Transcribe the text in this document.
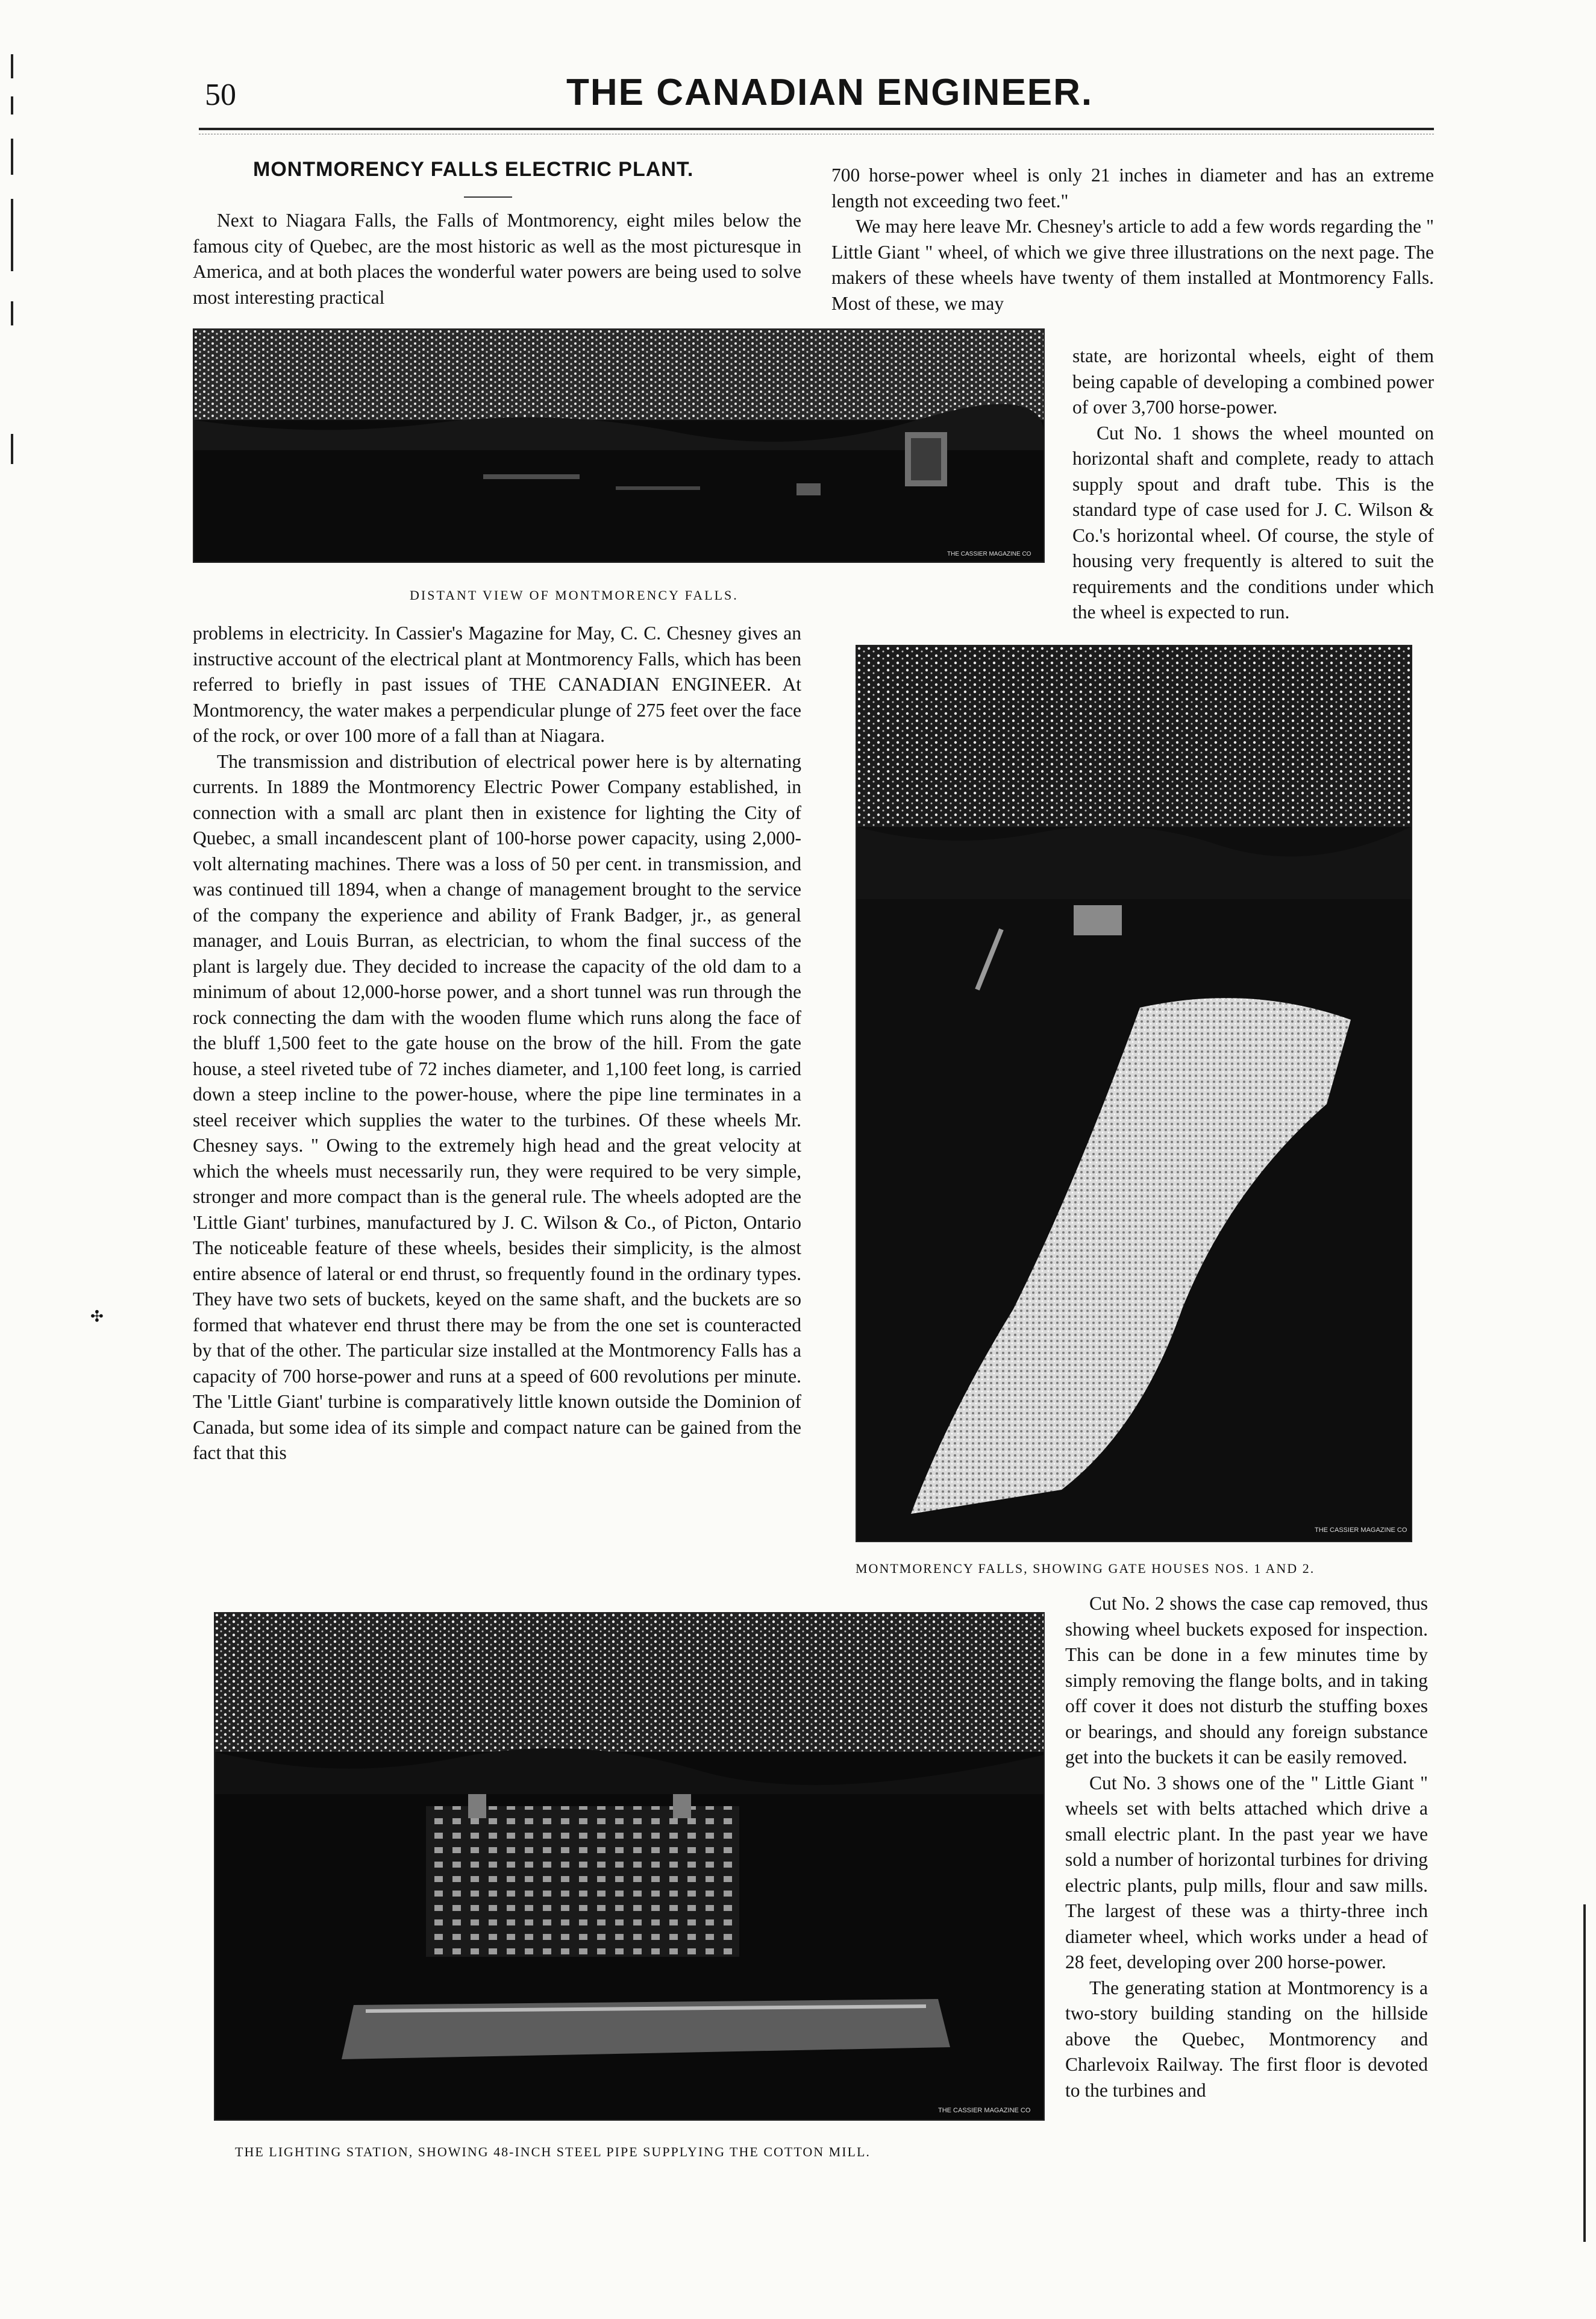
50	THE CANADIAN ENGINEER.
MONTMORENCY FALLS ELECTRIC PLANT.

Next to Niagara Falls, the Falls of Montmorency, eight miles below the famous city of Quebec, are the most historic as well as the most picturesque in America, and at both places the wonderful water powers are being used to solve most interesting practical

THE CASSIER MAGAZINE CO
DISTANT VIEW OF MONTMORENCY FALLS.

problems in electricity. In Cassier's Magazine for May, C. C. Chesney gives an instructive account of the electrical plant at Montmorency Falls, which has been referred to briefly in past issues of THE CANADIAN ENGINEER. At Montmorency, the water makes a perpendicular plunge of 275 feet over the face of the rock, or over 100 more of a fall than at Niagara.

The transmission and distribution of electrical power here is by alternating currents. In 1889 the Montmorency Electric Power Company established, in connection with a small arc plant then in existence for lighting the City of Quebec, a small incandescent plant of 100-horse power capacity, using 2,000-volt alternating machines. There was a loss of 50 per cent. in transmission, and was continued till 1894, when a change of management brought to the service of the company the experience and ability of Frank Badger, jr., as general manager, and Louis Burran, as electrician, to whom the final success of the plant is largely due. They decided to increase the capacity of the old dam to a minimum of about 12,000-horse power, and a short tunnel was run through the rock connecting the dam with the wooden flume which runs along the face of the bluff 1,500 feet to the gate house on the brow of the hill. From the gate house, a steel riveted tube of 72 inches diameter, and 1,100 feet long, is carried down a steep incline to the power-house, where the pipe line terminates in a steel receiver which supplies the water to the turbines. Of these wheels Mr. Chesney says. " Owing to the extremely high head and the great velocity at which the wheels must necessarily run, they were required to be very simple, stronger and more compact than is the general rule. The wheels adopted are the 'Little Giant' turbines, manufactured by J. C. Wilson & Co., of Picton, Ontario The noticeable feature of these wheels, besides their simplicity, is the almost entire absence of lateral or end thrust, so frequently found in the ordinary types. They have two sets of buckets, keyed on the same shaft, and the buckets are so formed that whatever end thrust there may be from the one set is counteracted by that of the other. The particular size installed at the Montmorency Falls has a capacity of 700 horse-power and runs at a speed of 600 revolutions per minute. The 'Little Giant' turbine is comparatively little known outside the Dominion of Canada, but some idea of its simple and compact nature can be gained from the fact that this

700 horse-power wheel is only 21 inches in diameter and has an extreme length not exceeding two feet."

We may here leave Mr. Chesney's article to add a few words regarding the " Little Giant " wheel, of which we give three illustrations on the next page. The makers of these wheels have twenty of them installed at Montmorency Falls. Most of these, we may

state, are horizontal wheels, eight of them being capable of developing a combined power of over 3,700 horse-power.

Cut No. 1 shows the wheel mounted on horizontal shaft and complete, ready to attach supply spout and draft tube. This is the standard type of case used for J. C. Wilson & Co.'s horizontal wheel. Of course, the style of housing very frequently is altered to suit the requirements and the conditions under which the wheel is expected to run.

THE CASSIER MAGAZINE CO
MONTMORENCY FALLS, SHOWING GATE HOUSES NOS. 1 AND 2.
THE CASSIER MAGAZINE CO
THE LIGHTING STATION, SHOWING 48-INCH STEEL PIPE SUPPLYING THE COTTON MILL.

Cut No. 2 shows the case cap removed, thus showing wheel buckets exposed for inspection. This can be done in a few minutes time by simply removing the flange bolts, and in taking off cover it does not disturb the stuffing boxes or bearings, and should any foreign substance get into the buckets it can be easily removed.

Cut No. 3 shows one of the " Little Giant " wheels set with belts attached which drive a small electric plant. In the past year we have sold a number of horizontal turbines for driving electric plants, pulp mills, flour and saw mills. The largest of these was a thirty-three inch diameter wheel, which works under a head of 28 feet, developing over 200 horse-power.

The generating station at Montmorency is a two-story building standing on the hillside above the Quebec, Montmorency and Charlevoix Railway. The first floor is devoted to the turbines and

✣
